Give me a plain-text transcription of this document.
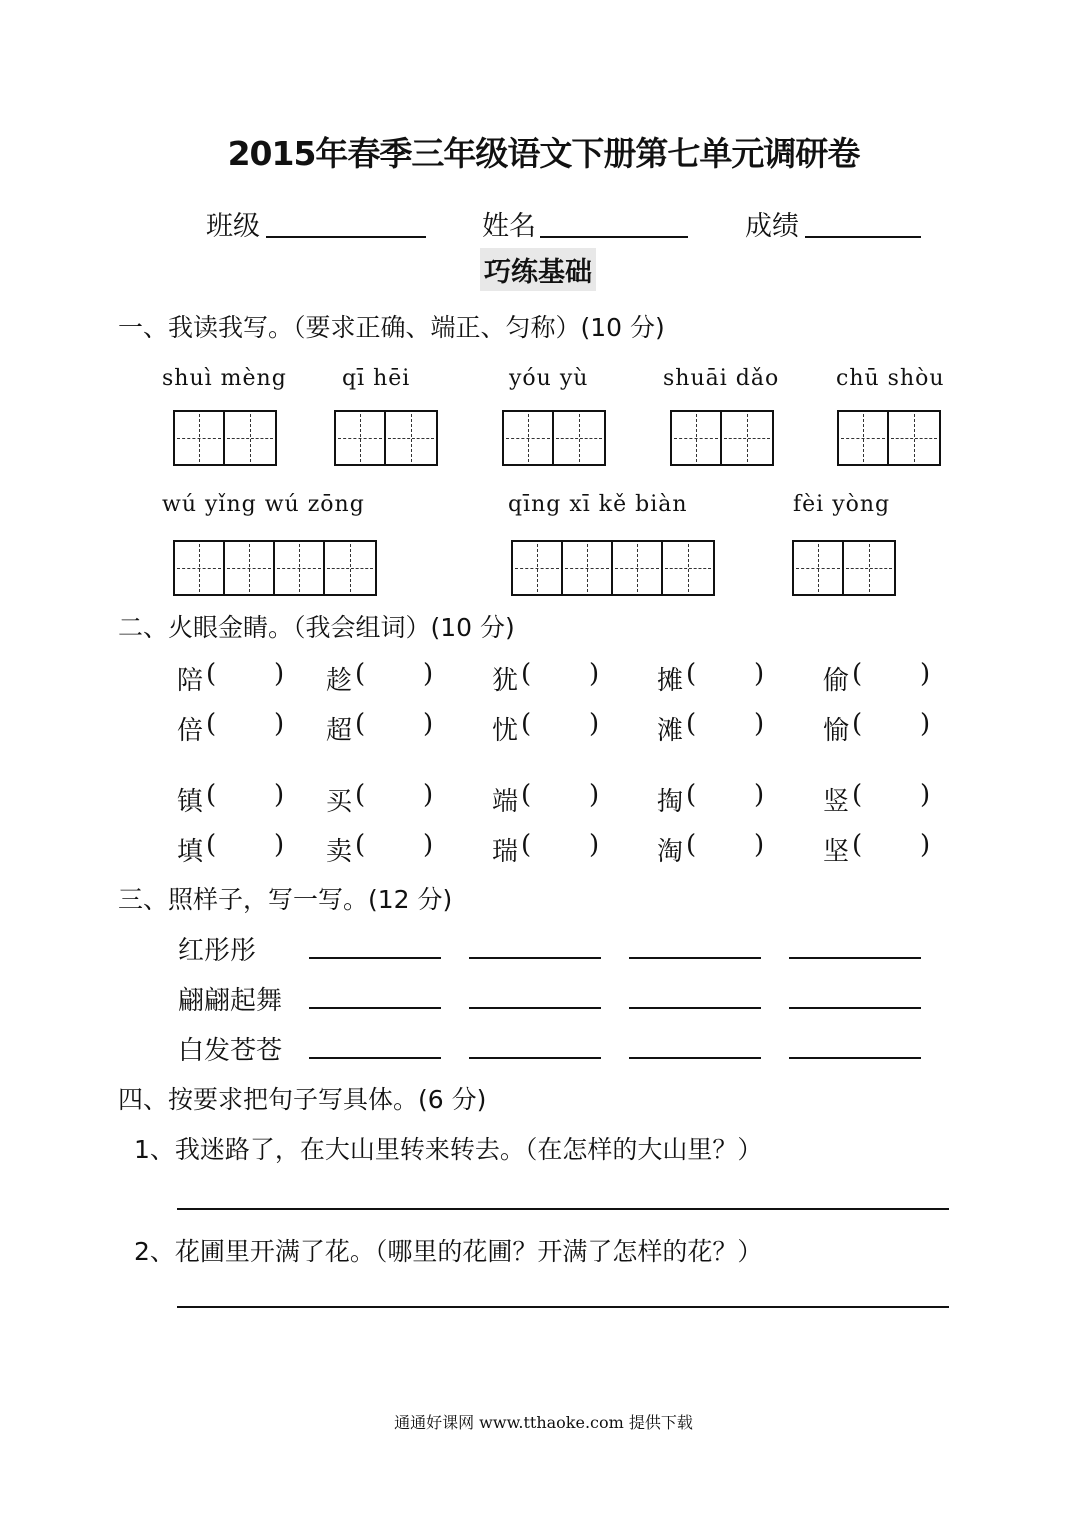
2015年春季三年级语文下册第七单元调研卷
班级	姓名	成绩
巧练基础
一、我读我写。（要求正确、端正、匀称）(10 分)
shuì mèng	qī hēi	yóu yù	shuāi dǎo	chū shòu
wú yǐng wú zōng	qīng xī kě biàn	fèi yòng
二、火眼金睛。（我会组词）(10 分)
陪 ( ) 趁 ( ) 犹 ( ) 摊 ( ) 偷 ( )
倍 ( ) 超 ( ) 忧 ( ) 滩 ( ) 愉 ( )
镇 ( ) 买 ( ) 端 ( ) 掏 ( ) 竖 ( )
填 ( ) 卖 ( ) 瑞 ( ) 淘 ( ) 坚 ( )
三、照样子，写一写。(12 分)
红彤彤
翩翩起舞
白发苍苍
四、按要求把句子写具体。(6 分)
1、我迷路了，在大山里转来转去。（在怎样的大山里？）
2、花圃里开满了花。（哪里的花圃？开满了怎样的花？）
通通好课网 www.tthaoke.com 提供下载
